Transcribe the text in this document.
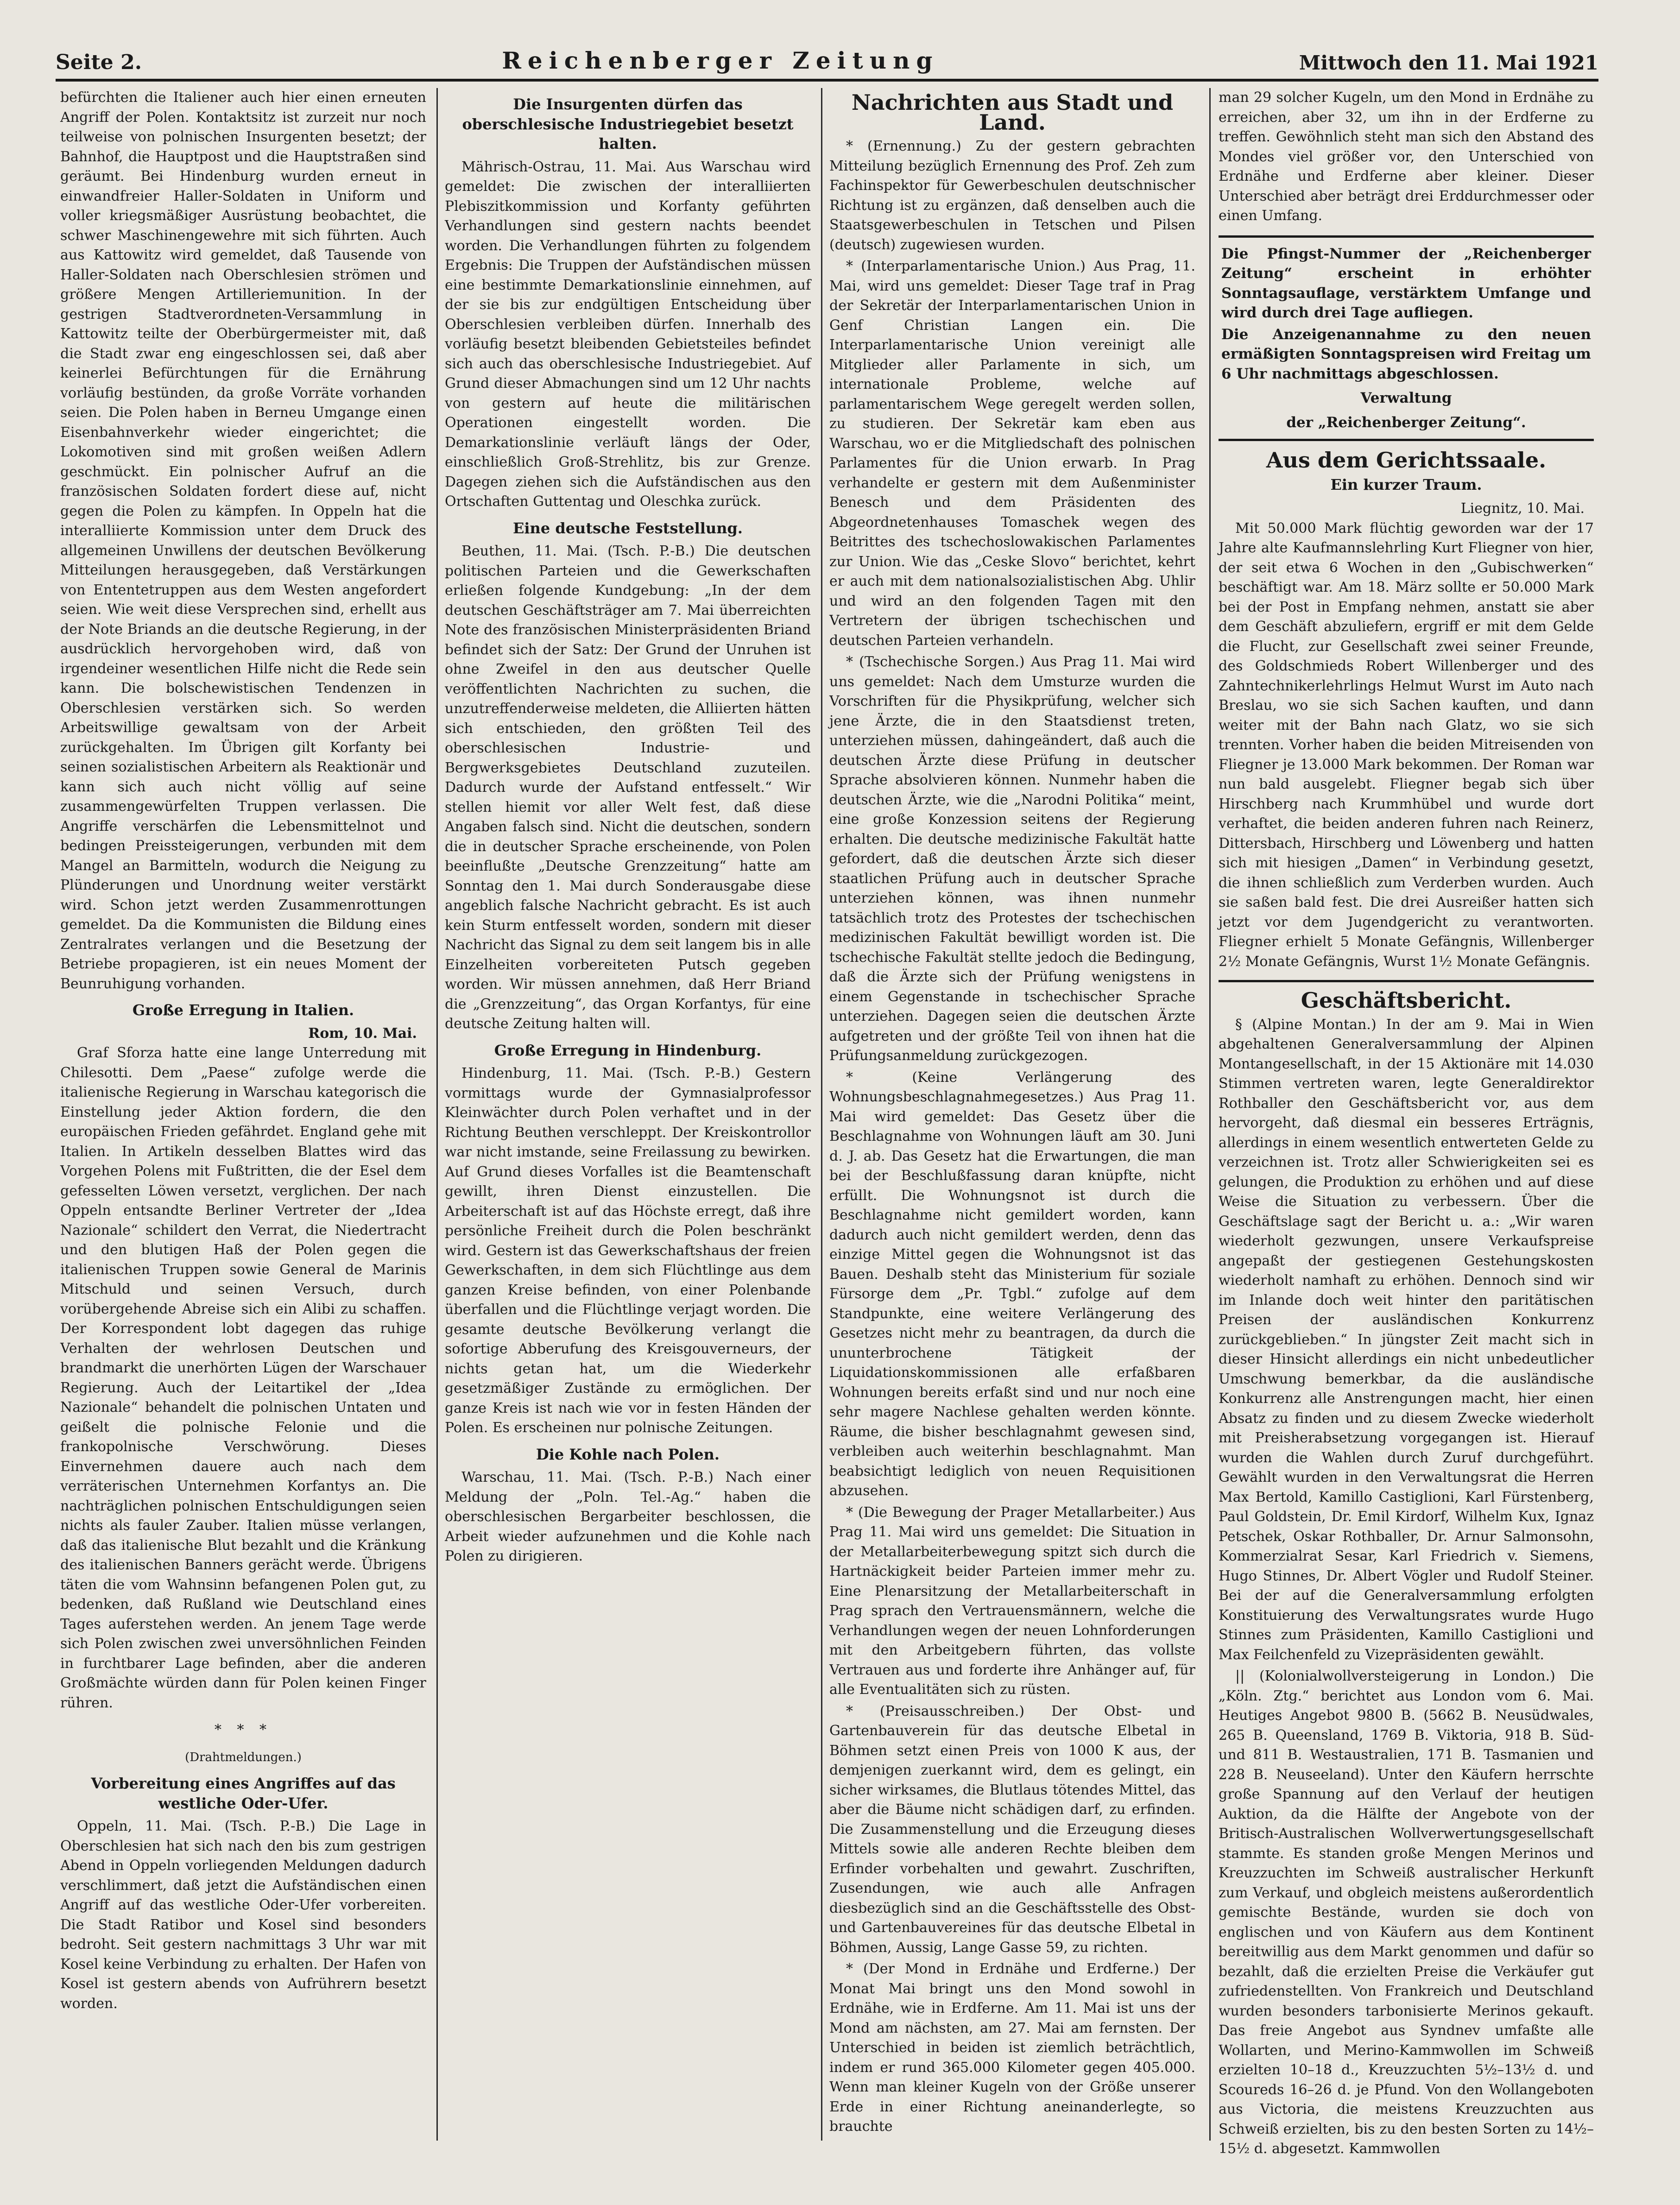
Seite 2.	Reichenberger Zeitung	Mittwoch den 11. Mai 1921

befürchten die Italiener auch hier einen erneuten Angriff der Polen. Kontaktsitz ist zurzeit nur noch teilweise von polnischen Insurgenten besetzt; der Bahnhof, die Hauptpost und die Hauptstraßen sind geräumt. Bei Hindenburg wurden erneut in einwandfreier Haller-Soldaten in Uniform und voller kriegsmäßiger Ausrüstung beobachtet, die schwer Maschinengewehre mit sich führten. Auch aus Kattowitz wird gemeldet, daß Tausende von Haller-Soldaten nach Oberschlesien strömen und größere Mengen Artilleriemunition. In der gestrigen Stadtverordneten-Versammlung in Kattowitz teilte der Oberbürgermeister mit, daß die Stadt zwar eng eingeschlossen sei, daß aber keinerlei Befürchtungen für die Ernährung vorläufig bestünden, da große Vorräte vorhanden seien. Die Polen haben in Berneu Umgange einen Eisenbahnverkehr wieder eingerichtet; die Lokomotiven sind mit großen weißen Adlern geschmückt. Ein polnischer Aufruf an die französischen Soldaten fordert diese auf, nicht gegen die Polen zu kämpfen. In Oppeln hat die interalliierte Kommission unter dem Druck des allgemeinen Unwillens der deutschen Bevölkerung Mitteilungen herausgegeben, daß Verstärkungen von Ententetruppen aus dem Westen angefordert seien. Wie weit diese Versprechen sind, erhellt aus der Note Briands an die deutsche Regierung, in der ausdrücklich hervorgehoben wird, daß von irgendeiner wesentlichen Hilfe nicht die Rede sein kann. Die bolschewistischen Tendenzen in Oberschlesien verstärken sich. So werden Arbeitswillige gewaltsam von der Arbeit zurückgehalten. Im Übrigen gilt Korfanty bei seinen sozialistischen Arbeitern als Reaktionär und kann sich auch nicht völlig auf seine zusammengewürfelten Truppen verlassen. Die Angriffe verschärfen die Lebensmittelnot und bedingen Preissteigerungen, verbunden mit dem Mangel an Barmitteln, wodurch die Neigung zu Plünderungen und Unordnung weiter verstärkt wird. Schon jetzt werden Zusammenrottungen gemeldet. Da die Kommunisten die Bildung eines Zentralrates verlangen und die Besetzung der Betriebe propagieren, ist ein neues Moment der Beunruhigung vorhanden.

Große Erregung in Italien.
Rom, 10. Mai.

Graf Sforza hatte eine lange Unterredung mit Chilesotti. Dem „Paese“ zufolge werde die italienische Regierung in Warschau kategorisch die Einstellung jeder Aktion fordern, die den europäischen Frieden gefährdet. England gehe mit Italien. In Artikeln desselben Blattes wird das Vorgehen Polens mit Fußtritten, die der Esel dem gefesselten Löwen versetzt, verglichen. Der nach Oppeln entsandte Berliner Vertreter der „Idea Nazionale“ schildert den Verrat, die Niedertracht und den blutigen Haß der Polen gegen die italienischen Truppen sowie General de Marinis Mitschuld und seinen Versuch, durch vorübergehende Abreise sich ein Alibi zu schaffen. Der Korrespondent lobt dagegen das ruhige Verhalten der wehrlosen Deutschen und brandmarkt die unerhörten Lügen der Warschauer Regierung. Auch der Leitartikel der „Idea Nazionale“ behandelt die polnischen Untaten und geißelt die polnische Felonie und die frankopolnische Verschwörung. Dieses Einvernehmen dauere auch nach dem verräterischen Unternehmen Korfantys an. Die nachträglichen polnischen Entschuldigungen seien nichts als fauler Zauber. Italien müsse verlangen, daß das italienische Blut bezahlt und die Kränkung des italienischen Banners gerächt werde. Übrigens täten die vom Wahnsinn befangenen Polen gut, zu bedenken, daß Rußland wie Deutschland eines Tages auferstehen werden. An jenem Tage werde sich Polen zwischen zwei unversöhnlichen Feinden in furchtbarer Lage befinden, aber die anderen Großmächte würden dann für Polen keinen Finger rühren.

* * *
(Drahtmeldungen.)
Vorbereitung eines Angriffes auf das westliche Oder-Ufer.

Oppeln, 11. Mai. (Tsch. P.-B.) Die Lage in Oberschlesien hat sich nach den bis zum gestrigen Abend in Oppeln vorliegenden Meldungen dadurch verschlimmert, daß jetzt die Aufständischen einen Angriff auf das westliche Oder-Ufer vorbereiten. Die Stadt Ratibor und Kosel sind besonders bedroht. Seit gestern nachmittags 3 Uhr war mit Kosel keine Verbindung zu erhalten. Der Hafen von Kosel ist gestern abends von Aufrührern besetzt worden.

Die Insurgenten dürfen das oberschlesische Industriegebiet besetzt halten.

Mährisch-Ostrau, 11. Mai. Aus Warschau wird gemeldet: Die zwischen der interalliierten Plebiszitkommission und Korfanty geführten Verhandlungen sind gestern nachts beendet worden. Die Verhandlungen führten zu folgendem Ergebnis: Die Truppen der Aufständischen müssen eine bestimmte Demarkationslinie einnehmen, auf der sie bis zur endgültigen Entscheidung über Oberschlesien verbleiben dürfen. Innerhalb des vorläufig besetzt bleibenden Gebietsteiles befindet sich auch das oberschlesische Industriegebiet. Auf Grund dieser Abmachungen sind um 12 Uhr nachts von gestern auf heute die militärischen Operationen eingestellt worden. Die Demarkationslinie verläuft längs der Oder, einschließlich Groß-Strehlitz, bis zur Grenze. Dagegen ziehen sich die Aufständischen aus den Ortschaften Guttentag und Oleschka zurück.

Eine deutsche Feststellung.

Beuthen, 11. Mai. (Tsch. P.-B.) Die deutschen politischen Parteien und die Gewerkschaften erließen folgende Kundgebung: „In der dem deutschen Geschäftsträger am 7. Mai überreichten Note des französischen Ministerpräsidenten Briand befindet sich der Satz: Der Grund der Unruhen ist ohne Zweifel in den aus deutscher Quelle veröffentlichten Nachrichten zu suchen, die unzutreffenderweise meldeten, die Alliierten hätten sich entschieden, den größten Teil des oberschlesischen Industrie- und Bergwerksgebietes Deutschland zuzuteilen. Dadurch wurde der Aufstand entfesselt.“ Wir stellen hiemit vor aller Welt fest, daß diese Angaben falsch sind. Nicht die deutschen, sondern die in deutscher Sprache erscheinende, von Polen beeinflußte „Deutsche Grenzzeitung“ hatte am Sonntag den 1. Mai durch Sonderausgabe diese angeblich falsche Nachricht gebracht. Es ist auch kein Sturm entfesselt worden, sondern mit dieser Nachricht das Signal zu dem seit langem bis in alle Einzelheiten vorbereiteten Putsch gegeben worden. Wir müssen annehmen, daß Herr Briand die „Grenzzeitung“, das Organ Korfantys, für eine deutsche Zeitung halten will.

Große Erregung in Hindenburg.

Hindenburg, 11. Mai. (Tsch. P.-B.) Gestern vormittags wurde der Gymnasialprofessor Kleinwächter durch Polen verhaftet und in der Richtung Beuthen verschleppt. Der Kreiskontrollor war nicht imstande, seine Freilassung zu bewirken. Auf Grund dieses Vorfalles ist die Beamtenschaft gewillt, ihren Dienst einzustellen. Die Arbeiterschaft ist auf das Höchste erregt, daß ihre persönliche Freiheit durch die Polen beschränkt wird. Gestern ist das Gewerkschaftshaus der freien Gewerkschaften, in dem sich Flüchtlinge aus dem ganzen Kreise befinden, von einer Polenbande überfallen und die Flüchtlinge verjagt worden. Die gesamte deutsche Bevölkerung verlangt die sofortige Abberufung des Kreisgouverneurs, der nichts getan hat, um die Wiederkehr gesetzmäßiger Zustände zu ermöglichen. Der ganze Kreis ist nach wie vor in festen Händen der Polen. Es erscheinen nur polnische Zeitungen.

Die Kohle nach Polen.

Warschau, 11. Mai. (Tsch. P.-B.) Nach einer Meldung der „Poln. Tel.-Ag.“ haben die oberschlesischen Bergarbeiter beschlossen, die Arbeit wieder aufzunehmen und die Kohle nach Polen zu dirigieren.

Nachrichten aus Stadt und Land.

* (Ernennung.) Zu der gestern gebrachten Mitteilung bezüglich Ernennung des Prof. Zeh zum Fachinspektor für Gewerbeschulen deutschnischer Richtung ist zu ergänzen, daß denselben auch die Staatsgewerbeschulen in Tetschen und Pilsen (deutsch) zugewiesen wurden.

* (Interparlamentarische Union.) Aus Prag, 11. Mai, wird uns gemeldet: Dieser Tage traf in Prag der Sekretär der Interparlamentarischen Union in Genf Christian Langen ein. Die Interparlamentarische Union vereinigt alle Mitglieder aller Parlamente in sich, um internationale Probleme, welche auf parlamentarischem Wege geregelt werden sollen, zu studieren. Der Sekretär kam eben aus Warschau, wo er die Mitgliedschaft des polnischen Parlamentes für die Union erwarb. In Prag verhandelte er gestern mit dem Außenminister Benesch und dem Präsidenten des Abgeordnetenhauses Tomaschek wegen des Beitrittes des tschechoslowakischen Parlamentes zur Union. Wie das „Ceske Slovo“ berichtet, kehrt er auch mit dem nationalsozialistischen Abg. Uhlir und wird an den folgenden Tagen mit den Vertretern der übrigen tschechischen und deutschen Parteien verhandeln.

* (Tschechische Sorgen.) Aus Prag 11. Mai wird uns gemeldet: Nach dem Umsturze wurden die Vorschriften für die Physikprüfung, welcher sich jene Ärzte, die in den Staatsdienst treten, unterziehen müssen, dahingeändert, daß auch die deutschen Ärzte diese Prüfung in deutscher Sprache absolvieren können. Nunmehr haben die deutschen Ärzte, wie die „Narodni Politika“ meint, eine große Konzession seitens der Regierung erhalten. Die deutsche medizinische Fakultät hatte gefordert, daß die deutschen Ärzte sich dieser staatlichen Prüfung auch in deutscher Sprache unterziehen können, was ihnen nunmehr tatsächlich trotz des Protestes der tschechischen medizinischen Fakultät bewilligt worden ist. Die tschechische Fakultät stellte jedoch die Bedingung, daß die Ärzte sich der Prüfung wenigstens in einem Gegenstande in tschechischer Sprache unterziehen. Dagegen seien die deutschen Ärzte aufgetreten und der größte Teil von ihnen hat die Prüfungsanmeldung zurückgezogen.

* (Keine Verlängerung des Wohnungsbeschlagnahmegesetzes.) Aus Prag 11. Mai wird gemeldet: Das Gesetz über die Beschlagnahme von Wohnungen läuft am 30. Juni d. J. ab. Das Gesetz hat die Erwartungen, die man bei der Beschlußfassung daran knüpfte, nicht erfüllt. Die Wohnungsnot ist durch die Beschlagnahme nicht gemildert worden, kann dadurch auch nicht gemildert werden, denn das einzige Mittel gegen die Wohnungsnot ist das Bauen. Deshalb steht das Ministerium für soziale Fürsorge dem „Pr. Tgbl.“ zufolge auf dem Standpunkte, eine weitere Verlängerung des Gesetzes nicht mehr zu beantragen, da durch die ununterbrochene Tätigkeit der Liquidationskommissionen alle erfaßbaren Wohnungen bereits erfaßt sind und nur noch eine sehr magere Nachlese gehalten werden könnte. Räume, die bisher beschlagnahmt gewesen sind, verbleiben auch weiterhin beschlagnahmt. Man beabsichtigt lediglich von neuen Requisitionen abzusehen.

* (Die Bewegung der Prager Metallarbeiter.) Aus Prag 11. Mai wird uns gemeldet: Die Situation in der Metallarbeiterbewegung spitzt sich durch die Hartnäckigkeit beider Parteien immer mehr zu. Eine Plenarsitzung der Metallarbeiterschaft in Prag sprach den Vertrauensmännern, welche die Verhandlungen wegen der neuen Lohnforderungen mit den Arbeitgebern führten, das vollste Vertrauen aus und forderte ihre Anhänger auf, für alle Eventualitäten sich zu rüsten.

* (Preisausschreiben.) Der Obst- und Gartenbauverein für das deutsche Elbetal in Böhmen setzt einen Preis von 1000 K aus, der demjenigen zuerkannt wird, dem es gelingt, ein sicher wirksames, die Blutlaus tötendes Mittel, das aber die Bäume nicht schädigen darf, zu erfinden. Die Zusammenstellung und die Erzeugung dieses Mittels sowie alle anderen Rechte bleiben dem Erfinder vorbehalten und gewahrt. Zuschriften, Zusendungen, wie auch alle Anfragen diesbezüglich sind an die Geschäftsstelle des Obst- und Gartenbauvereines für das deutsche Elbetal in Böhmen, Aussig, Lange Gasse 59, zu richten.

* (Der Mond in Erdnähe und Erdferne.) Der Monat Mai bringt uns den Mond sowohl in Erdnähe, wie in Erdferne. Am 11. Mai ist uns der Mond am nächsten, am 27. Mai am fernsten. Der Unterschied in beiden ist ziemlich beträchtlich, indem er rund 365.000 Kilometer gegen 405.000. Wenn man kleiner Kugeln von der Größe unserer Erde in einer Richtung aneinanderlegte, so brauchte

man 29 solcher Kugeln, um den Mond in Erdnähe zu erreichen, aber 32, um ihn in der Erdferne zu treffen. Gewöhnlich steht man sich den Abstand des Mondes viel größer vor, den Unterschied von Erdnähe und Erdferne aber kleiner. Dieser Unterschied aber beträgt drei Erddurchmesser oder einen Umfang.

Die Pfingst-Nummer der „Reichenberger Zeitung“ erscheint in erhöhter Sonntagsauflage, verstärktem Umfange und wird durch drei Tage aufliegen.

Die Anzeigenannahme zu den neuen ermäßigten Sonntagspreisen wird Freitag um 6 Uhr nachmittags abgeschlossen.

Verwaltung
der „Reichenberger Zeitung“.
Aus dem Gerichtssaale.
Ein kurzer Traum.
Liegnitz, 10. Mai.

Mit 50.000 Mark flüchtig geworden war der 17 Jahre alte Kaufmannslehrling Kurt Fliegner von hier, der seit etwa 6 Wochen in den „Gubischwerken“ beschäftigt war. Am 18. März sollte er 50.000 Mark bei der Post in Empfang nehmen, anstatt sie aber dem Geschäft abzuliefern, ergriff er mit dem Gelde die Flucht, zur Gesellschaft zwei seiner Freunde, des Goldschmieds Robert Willenberger und des Zahntechnikerlehrlings Helmut Wurst im Auto nach Breslau, wo sie sich Sachen kauften, und dann weiter mit der Bahn nach Glatz, wo sie sich trennten. Vorher haben die beiden Mitreisenden von Fliegner je 13.000 Mark bekommen. Der Roman war nun bald ausgelebt. Fliegner begab sich über Hirschberg nach Krummhübel und wurde dort verhaftet, die beiden anderen fuhren nach Reinerz, Dittersbach, Hirschberg und Löwenberg und hatten sich mit hiesigen „Damen“ in Verbindung gesetzt, die ihnen schließlich zum Verderben wurden. Auch sie saßen bald fest. Die drei Ausreißer hatten sich jetzt vor dem Jugendgericht zu verantworten. Fliegner erhielt 5 Monate Gefängnis, Willenberger 2½ Monate Gefängnis, Wurst 1½ Monate Gefängnis.

Geschäftsbericht.

§ (Alpine Montan.) In der am 9. Mai in Wien abgehaltenen Generalversammlung der Alpinen Montangesellschaft, in der 15 Aktionäre mit 14.030 Stimmen vertreten waren, legte Generaldirektor Rothballer den Geschäftsbericht vor, aus dem hervorgeht, daß diesmal ein besseres Erträgnis, allerdings in einem wesentlich entwerteten Gelde zu verzeichnen ist. Trotz aller Schwierigkeiten sei es gelungen, die Produktion zu erhöhen und auf diese Weise die Situation zu verbessern. Über die Geschäftslage sagt der Bericht u. a.: „Wir waren wiederholt gezwungen, unsere Verkaufspreise angepaßt der gestiegenen Gestehungskosten wiederholt namhaft zu erhöhen. Dennoch sind wir im Inlande doch weit hinter den paritätischen Preisen der ausländischen Konkurrenz zurückgeblieben.“ In jüngster Zeit macht sich in dieser Hinsicht allerdings ein nicht unbedeutlicher Umschwung bemerkbar, da die ausländische Konkurrenz alle Anstrengungen macht, hier einen Absatz zu finden und zu diesem Zwecke wiederholt mit Preisherabsetzung vorgegangen ist. Hierauf wurden die Wahlen durch Zuruf durchgeführt. Gewählt wurden in den Verwaltungsrat die Herren Max Bertold, Kamillo Castiglioni, Karl Fürstenberg, Paul Goldstein, Dr. Emil Kirdorf, Wilhelm Kux, Ignaz Petschek, Oskar Rothballer, Dr. Arnur Salmonsohn, Kommerzialrat Sesar, Karl Friedrich v. Siemens, Hugo Stinnes, Dr. Albert Vögler und Rudolf Steiner. Bei der auf die Generalversammlung erfolgten Konstituierung des Verwaltungsrates wurde Hugo Stinnes zum Präsidenten, Kamillo Castiglioni und Max Feilchenfeld zu Vizepräsidenten gewählt.

|| (Kolonialwollversteigerung in London.) Die „Köln. Ztg.“ berichtet aus London vom 6. Mai. Heutiges Angebot 9800 B. (5662 B. Neusüdwales, 265 B. Queensland, 1769 B. Viktoria, 918 B. Süd- und 811 B. Westaustralien, 171 B. Tasmanien und 228 B. Neuseeland). Unter den Käufern herrschte große Spannung auf den Verlauf der heutigen Auktion, da die Hälfte der Angebote von der Britisch-Australischen Wollverwertungsgesellschaft stammte. Es standen große Mengen Merinos und Kreuzzuchten im Schweiß australischer Herkunft zum Verkauf, und obgleich meistens außerordentlich gemischte Bestände, wurden sie doch von englischen und von Käufern aus dem Kontinent bereitwillig aus dem Markt genommen und dafür so bezahlt, daß die erzielten Preise die Verkäufer gut zufriedenstellten. Von Frankreich und Deutschland wurden besonders tarbonisierte Merinos gekauft. Das freie Angebot aus Syndnev umfaßte alle Wollarten, und Merino-Kammwollen im Schweiß erzielten 10–18 d., Kreuzzuchten 5½–13½ d. und Scoureds 16–26 d. je Pfund. Von den Wollangeboten aus Victoria, die meistens Kreuzzuchten aus Schweiß erzielten, bis zu den besten Sorten zu 14½–15½ d. abgesetzt. Kammwollen
